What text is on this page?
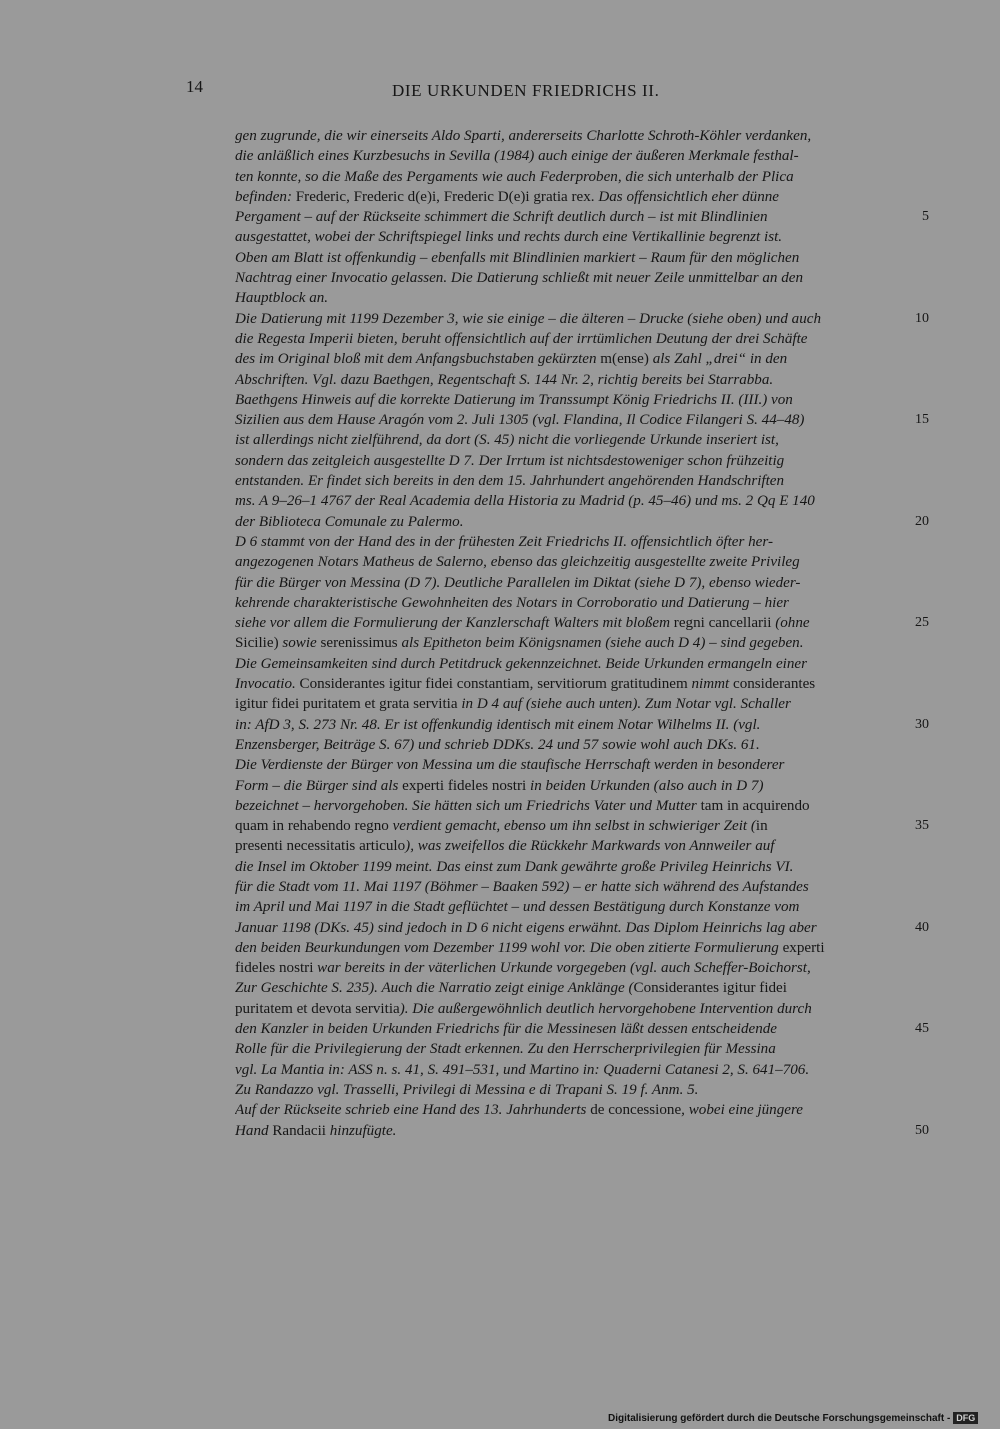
14	DIE URKUNDEN FRIEDRICHS II.
gen zugrunde, die wir einerseits Aldo Sparti, andererseits Charlotte Schroth-Köhler verdanken,
die anläßlich eines Kurzbesuchs in Sevilla (1984) auch einige der äußeren Merkmale festhal-
ten konnte, so die Maße des Pergaments wie auch Federproben, die sich unterhalb der Plica
befinden: Frederic, Frederic d(e)i, Frederic D(e)i gratia rex. Das offensichtlich eher dünne
Pergament – auf der Rückseite schimmert die Schrift deutlich durch – ist mit Blindlinien
ausgestattet, wobei der Schriftspiegel links und rechts durch eine Vertikallinie begrenzt ist.
Oben am Blatt ist offenkundig – ebenfalls mit Blindlinien markiert – Raum für den möglichen
Nachtrag einer Invocatio gelassen. Die Datierung schließt mit neuer Zeile unmittelbar an den
Hauptblock an.
Die Datierung mit 1199 Dezember 3, wie sie einige – die älteren – Drucke (siehe oben) und auch
die Regesta Imperii bieten, beruht offensichtlich auf der irrtümlichen Deutung der drei Schäfte
des im Original bloß mit dem Anfangsbuchstaben gekürzten m(ense) als Zahl „drei“ in den
Abschriften. Vgl. dazu Baethgen, Regentschaft S. 144 Nr. 2, richtig bereits bei Starrabba.
Baethgens Hinweis auf die korrekte Datierung im Transsumpt König Friedrichs II. (III.) von
Sizilien aus dem Hause Aragón vom 2. Juli 1305 (vgl. Flandina, Il Codice Filangeri S. 44–48)
ist allerdings nicht zielführend, da dort (S. 45) nicht die vorliegende Urkunde inseriert ist,
sondern das zeitgleich ausgestellte D 7. Der Irrtum ist nichtsdestoweniger schon frühzeitig
entstanden. Er findet sich bereits in den dem 15. Jahrhundert angehörenden Handschriften
ms. A 9–26–1 4767 der Real Academia della Historia zu Madrid (p. 45–46) und ms. 2 Qq E 140
der Biblioteca Comunale zu Palermo.
D 6 stammt von der Hand des in der frühesten Zeit Friedrichs II. offensichtlich öfter her-
angezogenen Notars Matheus de Salerno, ebenso das gleichzeitig ausgestellte zweite Privileg
für die Bürger von Messina (D 7). Deutliche Parallelen im Diktat (siehe D 7), ebenso wieder-
kehrende charakteristische Gewohnheiten des Notars in Corroboratio und Datierung – hier
siehe vor allem die Formulierung der Kanzlerschaft Walters mit bloßem regni cancellarii (ohne
Sicilie) sowie serenissimus als Epitheton beim Königsnamen (siehe auch D 4) – sind gegeben.
Die Gemeinsamkeiten sind durch Petitdruck gekennzeichnet. Beide Urkunden ermangeln einer
Invocatio. Considerantes igitur fidei constantiam, servitiorum gratitudinem nimmt considerantes
igitur fidei puritatem et grata servitia in D 4 auf (siehe auch unten). Zum Notar vgl. Schaller
in: AfD 3, S. 273 Nr. 48. Er ist offenkundig identisch mit einem Notar Wilhelms II. (vgl.
Enzensberger, Beiträge S. 67) und schrieb DDKs. 24 und 57 sowie wohl auch DKs. 61.
Die Verdienste der Bürger von Messina um die staufische Herrschaft werden in besonderer
Form – die Bürger sind als experti fideles nostri in beiden Urkunden (also auch in D 7)
bezeichnet – hervorgehoben. Sie hätten sich um Friedrichs Vater und Mutter tam in acquirendo
quam in rehabendo regno verdient gemacht, ebenso um ihn selbst in schwieriger Zeit (in
presenti necessitatis articulo), was zweifellos die Rückkehr Markwards von Annweiler auf
die Insel im Oktober 1199 meint. Das einst zum Dank gewährte große Privileg Heinrichs VI.
für die Stadt vom 11. Mai 1197 (Böhmer – Baaken 592) – er hatte sich während des Aufstandes
im April und Mai 1197 in die Stadt geflüchtet – und dessen Bestätigung durch Konstanze vom
Januar 1198 (DKs. 45) sind jedoch in D 6 nicht eigens erwähnt. Das Diplom Heinrichs lag aber
den beiden Beurkundungen vom Dezember 1199 wohl vor. Die oben zitierte Formulierung experti
fideles nostri war bereits in der väterlichen Urkunde vorgegeben (vgl. auch Scheffer-Boichorst,
Zur Geschichte S. 235). Auch die Narratio zeigt einige Anklänge (Considerantes igitur fidei
puritatem et devota servitia). Die außergewöhnlich deutlich hervorgehobene Intervention durch
den Kanzler in beiden Urkunden Friedrichs für die Messinesen läßt dessen entscheidende
Rolle für die Privilegierung der Stadt erkennen. Zu den Herrscherprivilegien für Messina
vgl. La Mantia in: ASS n. s. 41, S. 491–531, und Martino in: Quaderni Catanesi 2, S. 641–706.
Zu Randazzo vgl. Trasselli, Privilegi di Messina e di Trapani S. 19 f. Anm. 5.
Auf der Rückseite schrieb eine Hand des 13. Jahrhunderts de concessione, wobei eine jüngere
Hand Randacii hinzufügte.
5
10
15
20
25
30
35
40
45
50
Digitalisierung gefördert durch die Deutsche Forschungsgemeinschaft - DFG
